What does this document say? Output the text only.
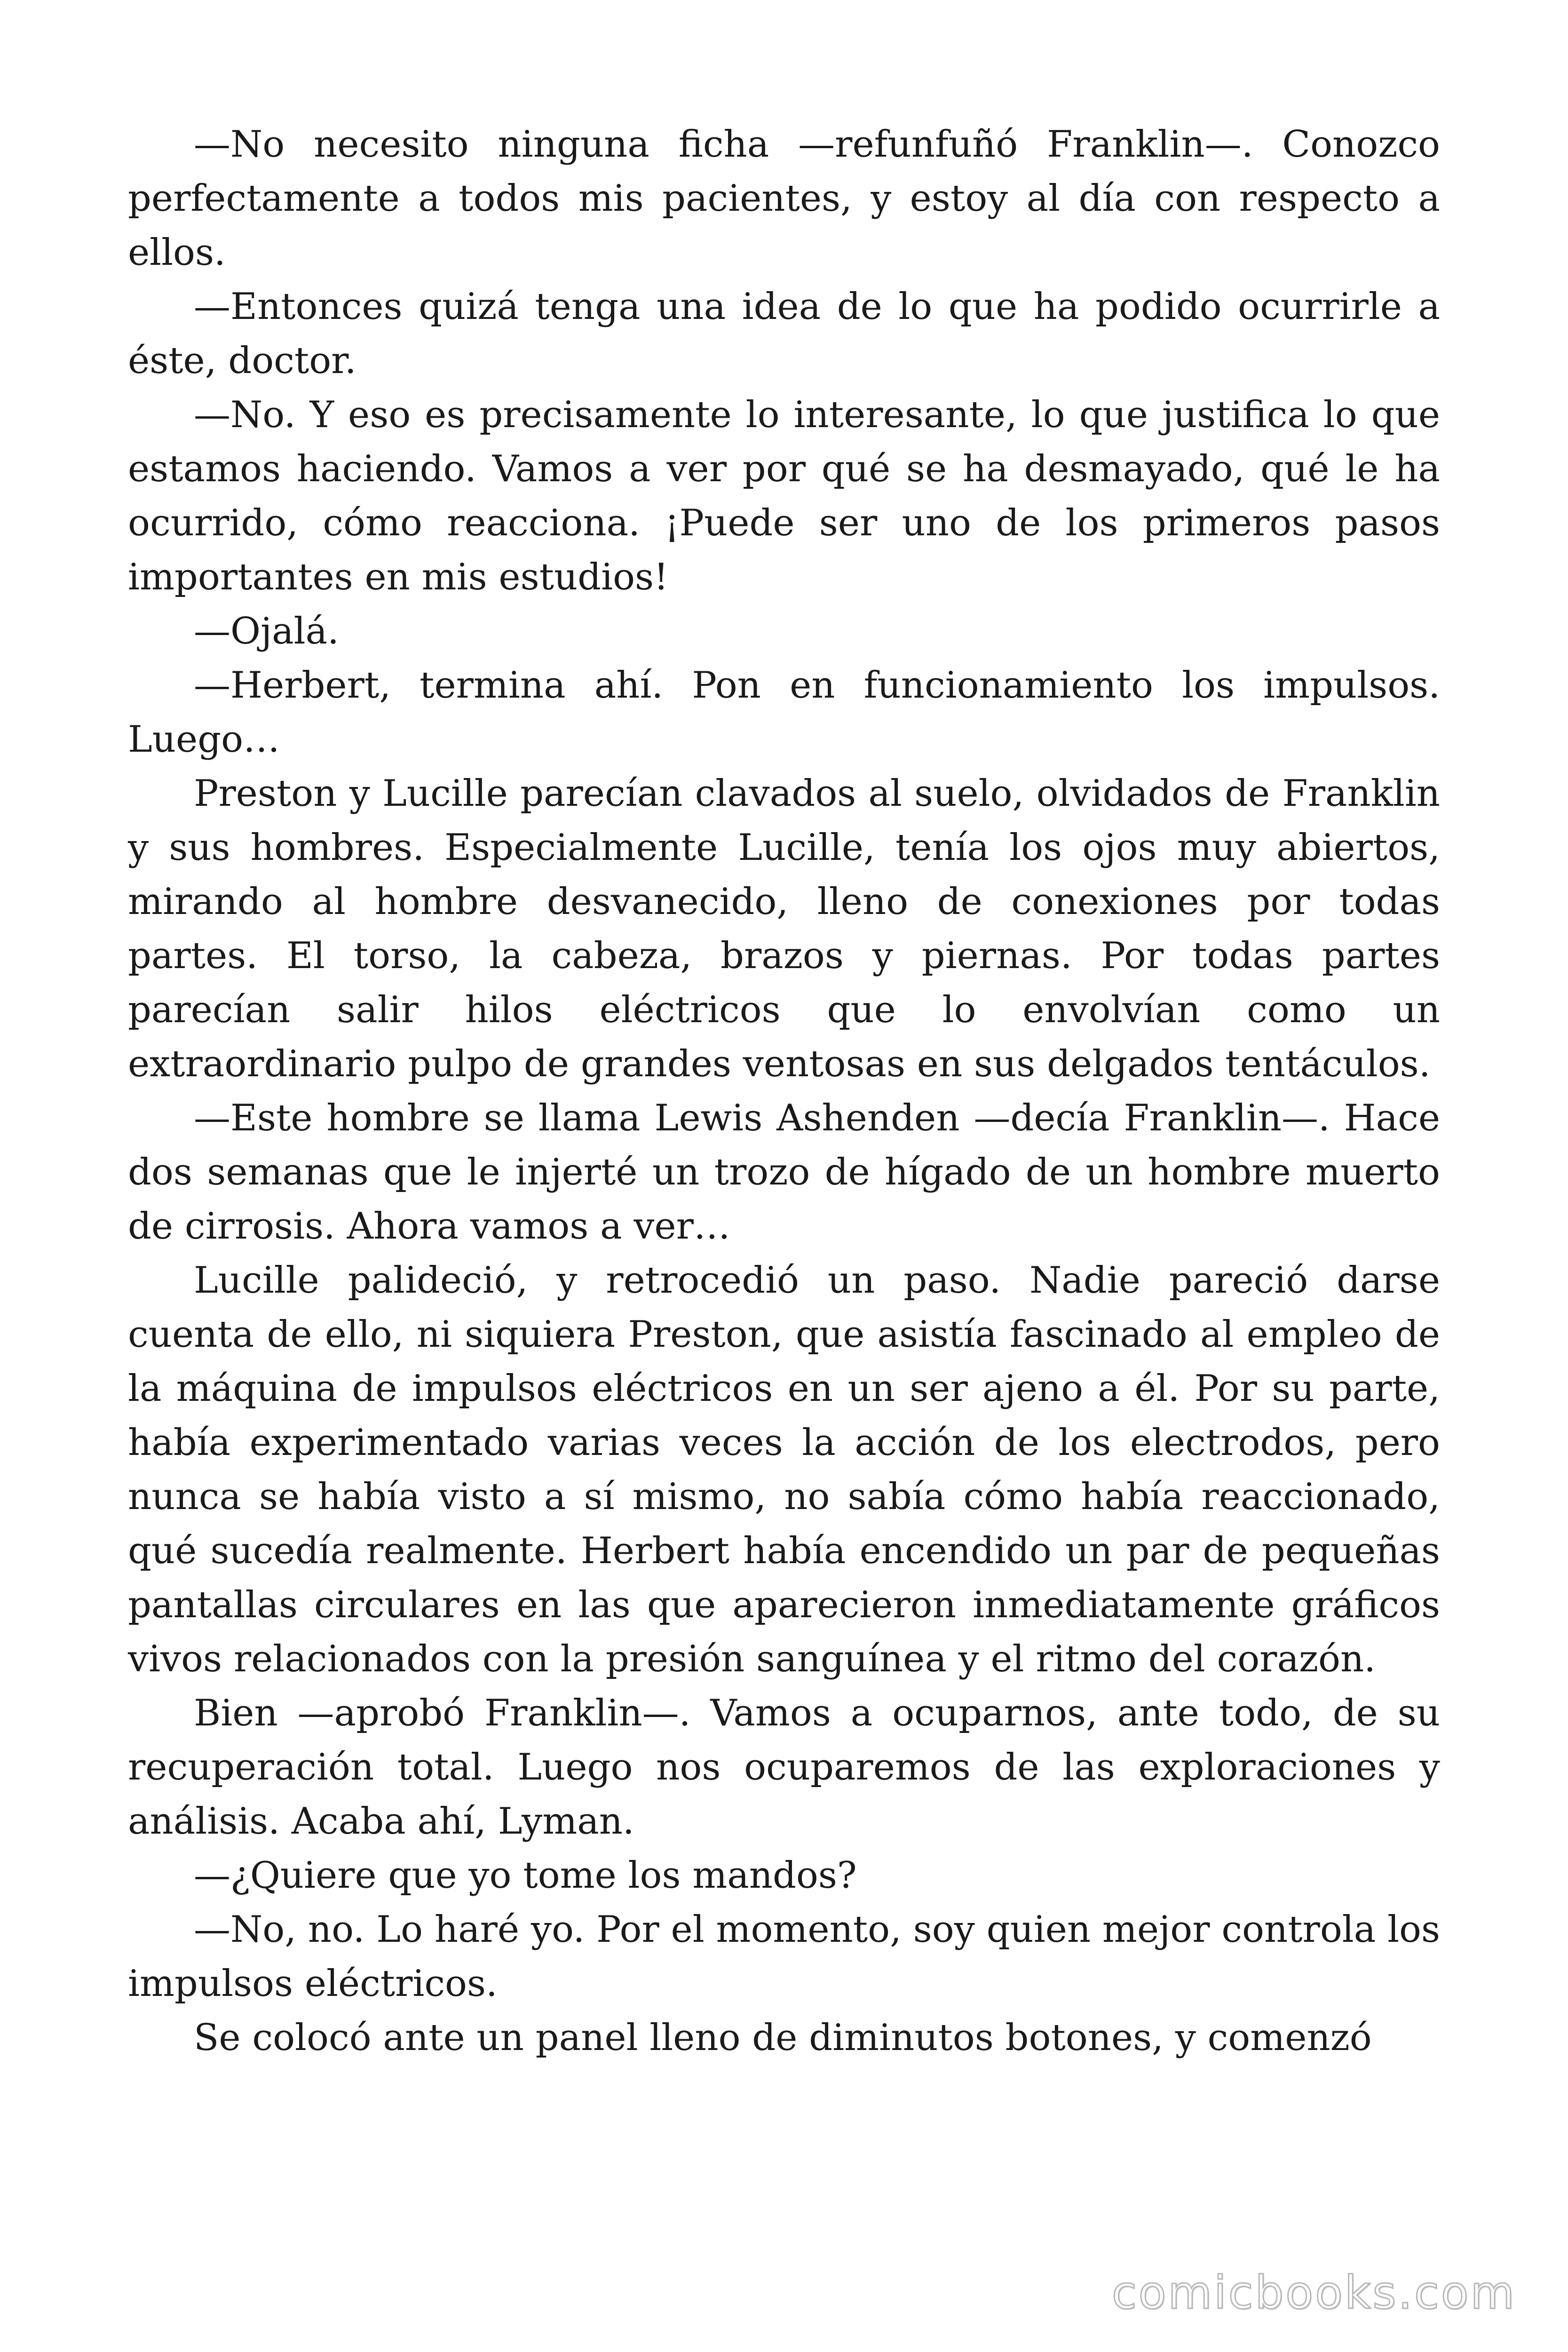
—No necesito ninguna ficha —refunfuñó Franklin—. Conozco perfectamente a todos mis pacientes, y estoy al día con respecto a ellos.

—Entonces quizá tenga una idea de lo que ha podido ocurrirle a éste, doctor.

—No. Y eso es precisamente lo interesante, lo que justifica lo que estamos haciendo. Vamos a ver por qué se ha desmayado, qué le ha ocurrido, cómo reacciona. ¡Puede ser uno de los primeros pasos importantes en mis estudios!

—Ojalá.

—Herbert, termina ahí. Pon en funcionamiento los impulsos. Luego…

Preston y Lucille parecían clavados al suelo, olvidados de Franklin y sus hombres. Especialmente Lucille, tenía los ojos muy abiertos, mirando al hombre desvanecido, lleno de conexiones por todas partes. El torso, la cabeza, brazos y piernas. Por todas partes parecían salir hilos eléctricos que lo envolvían como un extraordinario pulpo de grandes ventosas en sus delgados tentáculos.

—Este hombre se llama Lewis Ashenden —decía Franklin—. Hace dos semanas que le injerté un trozo de hígado de un hombre muerto de cirrosis. Ahora vamos a ver…

Lucille palideció, y retrocedió un paso. Nadie pareció darse cuenta de ello, ni siquiera Preston, que asistía fascinado al empleo de la máquina de impulsos eléctricos en un ser ajeno a él. Por su parte, había experimentado varias veces la acción de los electrodos, pero nunca se había visto a sí mismo, no sabía cómo había reaccionado, qué sucedía realmente. Herbert había encendido un par de pequeñas pantallas circulares en las que aparecieron inmediatamente gráficos vivos relacionados con la presión sanguínea y el ritmo del corazón.

Bien —aprobó Franklin—. Vamos a ocuparnos, ante todo, de su recuperación total. Luego nos ocuparemos de las exploraciones y análisis. Acaba ahí, Lyman.

—¿Quiere que yo tome los mandos?

—No, no. Lo haré yo. Por el momento, soy quien mejor controla los impulsos eléctricos.

Se colocó ante un panel lleno de diminutos botones, y comenzó

comicbooks.com
